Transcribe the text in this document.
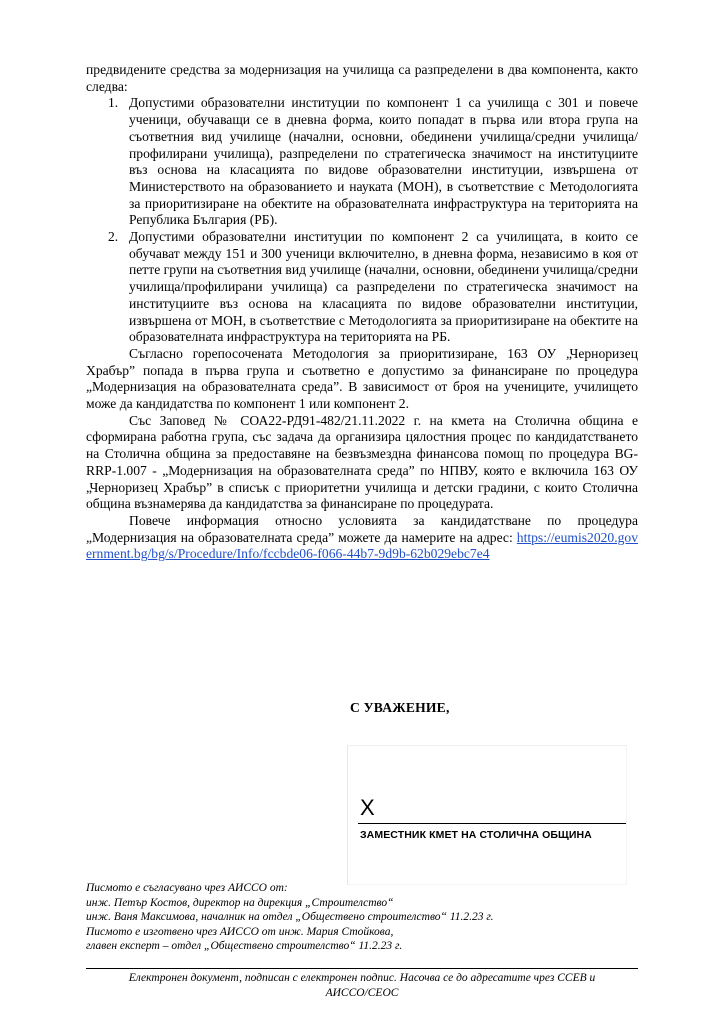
предвидените средства за модернизация на училища са разпределени в два компонента, както следва:

1. Допустими образователни институции по компонент 1 са училища с 301 и повече ученици, обучаващи се в дневна форма, които попадат в първа или втора група на съответния вид училище (начални, основни, обединени училища/средни училища/профилирани училища), разпределени по стратегическа значимост на институциите въз основа на класацията по видове образователни институции, извършена от Министерството на образованието и науката (МОН), в съответствие с Методологията за приоритизиране на обектите на образователната инфраструктура на територията на Република България (РБ).
2. Допустими образователни институции по компонент 2 са училищата, в които се обучават между 151 и 300 ученици включително, в дневна форма, независимо в коя от петте групи на съответния вид училище (начални, основни, обединени училища/средни училища/профилирани училища) са разпределени по стратегическа значимост на институциите въз основа на класацията по видове образователни институции, извършена от МОН, в съответствие с Методологията за приоритизиране на обектите на образователната инфраструктура на територията на РБ.

Съгласно горепосочената Методология за приоритизиране, 163 ОУ „Черноризец Храбър” попада в първа група и съответно е допустимо за финансиране по процедура „Модернизация на образователната среда”. В зависимост от броя на учениците, училището може да кандидатства по компонент 1 или компонент 2.

Със Заповед № СОА22-РД91-482/21.11.2022 г. на кмета на Столична община е сформирана работна група, със задача да организира цялостния процес по кандидатстването на Столична община за предоставяне на безвъзмездна финансова помощ по процедура BG-RRP-1.007 - „Модернизация на образователната среда” по НПВУ, която е включила 163 ОУ „Черноризец Храбър” в списък с приоритетни училища и детски градини, с които Столична община възнамерява да кандидатства за финансиране по процедурата.

Повече информация относно условията за кандидатстване по процедура „Модернизация на образователната среда” можете да намерите на адрес: https://eumis2020.government.bg/bg/s/Procedure/Info/fccbde06-f066-44b7-9d9b-62b029ebc7e4

С УВАЖЕНИЕ,
X
ЗАМЕСТНИК КМЕТ НА СТОЛИЧНА ОБЩИНА
Писмото е съгласувано чрез АИССО от:
инж. Петър Костов, директор на дирекция „Строителство“
инж. Ваня Максимова, началник на отдел „Обществено строителство“ 11.2.23 г.
Писмото е изготвено чрез АИССО от инж. Мария Стойкова,
главен експерт – отдел „Обществено строителство“ 11.2.23 г.
Електронен документ, подписан с електронен подпис. Насочва се до адресатите чрез ССЕВ и
АИССО/СЕОС
